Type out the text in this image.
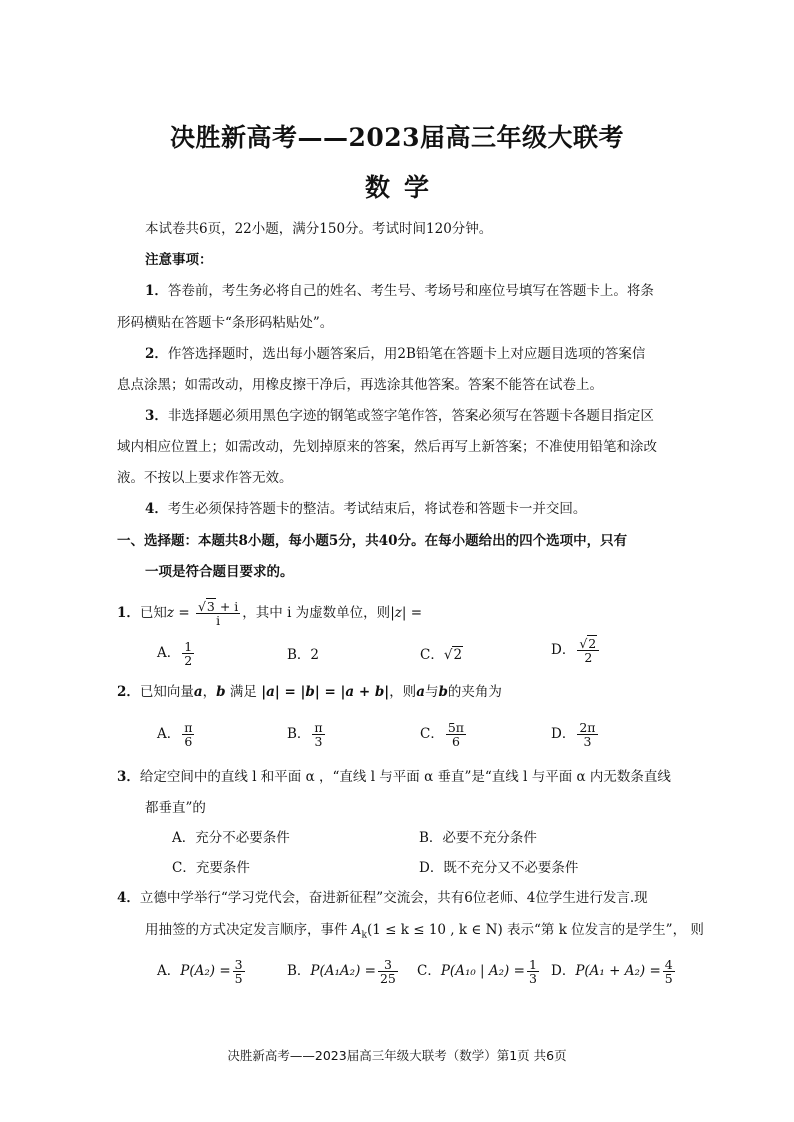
决胜新高考——2023届高三年级大联考
数学
本试卷共6页，22小题，满分150分。考试时间120分钟。
注意事项：
1．答卷前，考生务必将自己的姓名、考生号、考场号和座位号填写在答题卡上。将条
形码横贴在答题卡“条形码粘贴处”。
2．作答选择题时，选出每小题答案后，用2B铅笔在答题卡上对应题目选项的答案信
息点涂黑；如需改动，用橡皮擦干净后，再选涂其他答案。答案不能答在试卷上。
3．非选择题必须用黑色字迹的钢笔或签字笔作答，答案必须写在答题卡各题目指定区
域内相应位置上；如需改动，先划掉原来的答案，然后再写上新答案；不准使用铅笔和涂改
液。不按以上要求作答无效。
4．考生必须保持答题卡的整洁。考试结束后，将试卷和答题卡一并交回。
一、选择题：本题共8小题，每小题5分，共40分。在每小题给出的四个选项中，只有
一项是符合题目要求的。
1．已知$z = \frac{√3 + i}{i}$ ，其中 i 为虚数单位，则|z| =
A． $\frac{1}{2}$	B．2	C．√2	D． $\frac{√2}{2}$
2．已知向量a，b 满足 |a| = |b| = |a + b|，则a与b的夹角为
A． $\frac{\pi}{6}$	B． $\frac{\pi}{3}$	C． $\frac{5\pi}{6}$	D． $\frac{2\pi}{3}$
3．给定空间中的直线 l 和平面 α ，“直线 l 与平面 α 垂直”是“直线 l 与平面 α 内无数条直线
都垂直”的
A．充分不必要条件	B．必要不充分条件
C．充要条件	D．既不充分又不必要条件
4．立德中学举行“学习党代会，奋进新征程”交流会，共有6位老师、4位学生进行发言.现
用抽签的方式决定发言顺序，事件 $A_k(1 \le k \le 10$ , k ∈ N) 表示“第 k 位发言的是学生”， 则
A．$P(A_2) = \frac{3}{5}$	B．$P(A_1A_2) = \frac{3}{25}$ C．P(A₁₀ | $A_2) = \frac{1}{3}$ D．$P(A_1 + A_2) = \frac{4}{5}$
决胜新高考——2023届高三年级大联考（数学）第1页 共6页
